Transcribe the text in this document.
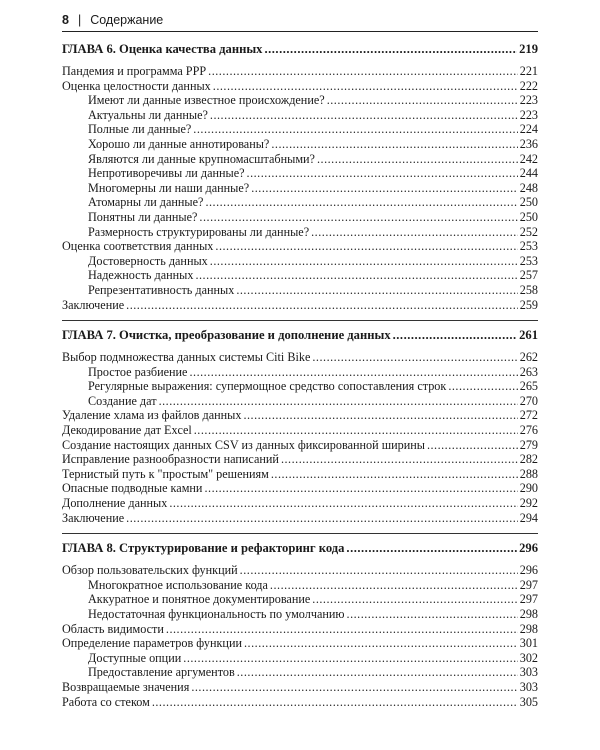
8 | Содержание
ГЛАВА 6. Оценка качества данных .....	219
Пандемия и программа РРР .....	221
Оценка целостности данных .....	222
Имеют ли данные известное происхождение? .....	223
Актуальны ли данные? .....	223
Полные ли данные? .....	224
Хорошо ли данные аннотированы? .....	236
Являются ли данные крупномасштабными? .....	242
Непротиворечивы ли данные? .....	244
Многомерны ли наши данные? .....	248
Атомарны ли данные? .....	250
Понятны ли данные? .....	250
Размерность структурированы ли данные? .....	252
Оценка соответствия данных .....	253
Достоверность данных .....	253
Надежность данных .....	257
Репрезентативность данных .....	258
Заключение .....	259
ГЛАВА 7. Очистка, преобразование и дополнение данных .....	261
Выбор подмножества данных системы Citi Bike .....	262
Простое разбиение .....	263
Регулярные выражения: супермощное средство сопоставления строк .....	265
Создание дат .....	270
Удаление хлама из файлов данных .....	272
Декодирование дат Excel .....	276
Создание настоящих данных CSV из данных фиксированной ширины .....	279
Исправление разнообразности написаний .....	282
Тернистый путь к "простым" решениям .....	288
Опасные подводные камни .....	290
Дополнение данных .....	292
Заключение .....	294
ГЛАВА 8. Структурирование и рефакторинг кода .....	296
Обзор пользовательских функций .....	296
Многократное использование кода .....	297
Аккуратное и понятное документирование .....	297
Недостаточная функциональность по умолчанию .....	298
Область видимости .....	298
Определение параметров функции .....	301
Доступные опции .....	302
Предоставление аргументов .....	303
Возвращаемые значения .....	303
Работа со стеком .....	305
